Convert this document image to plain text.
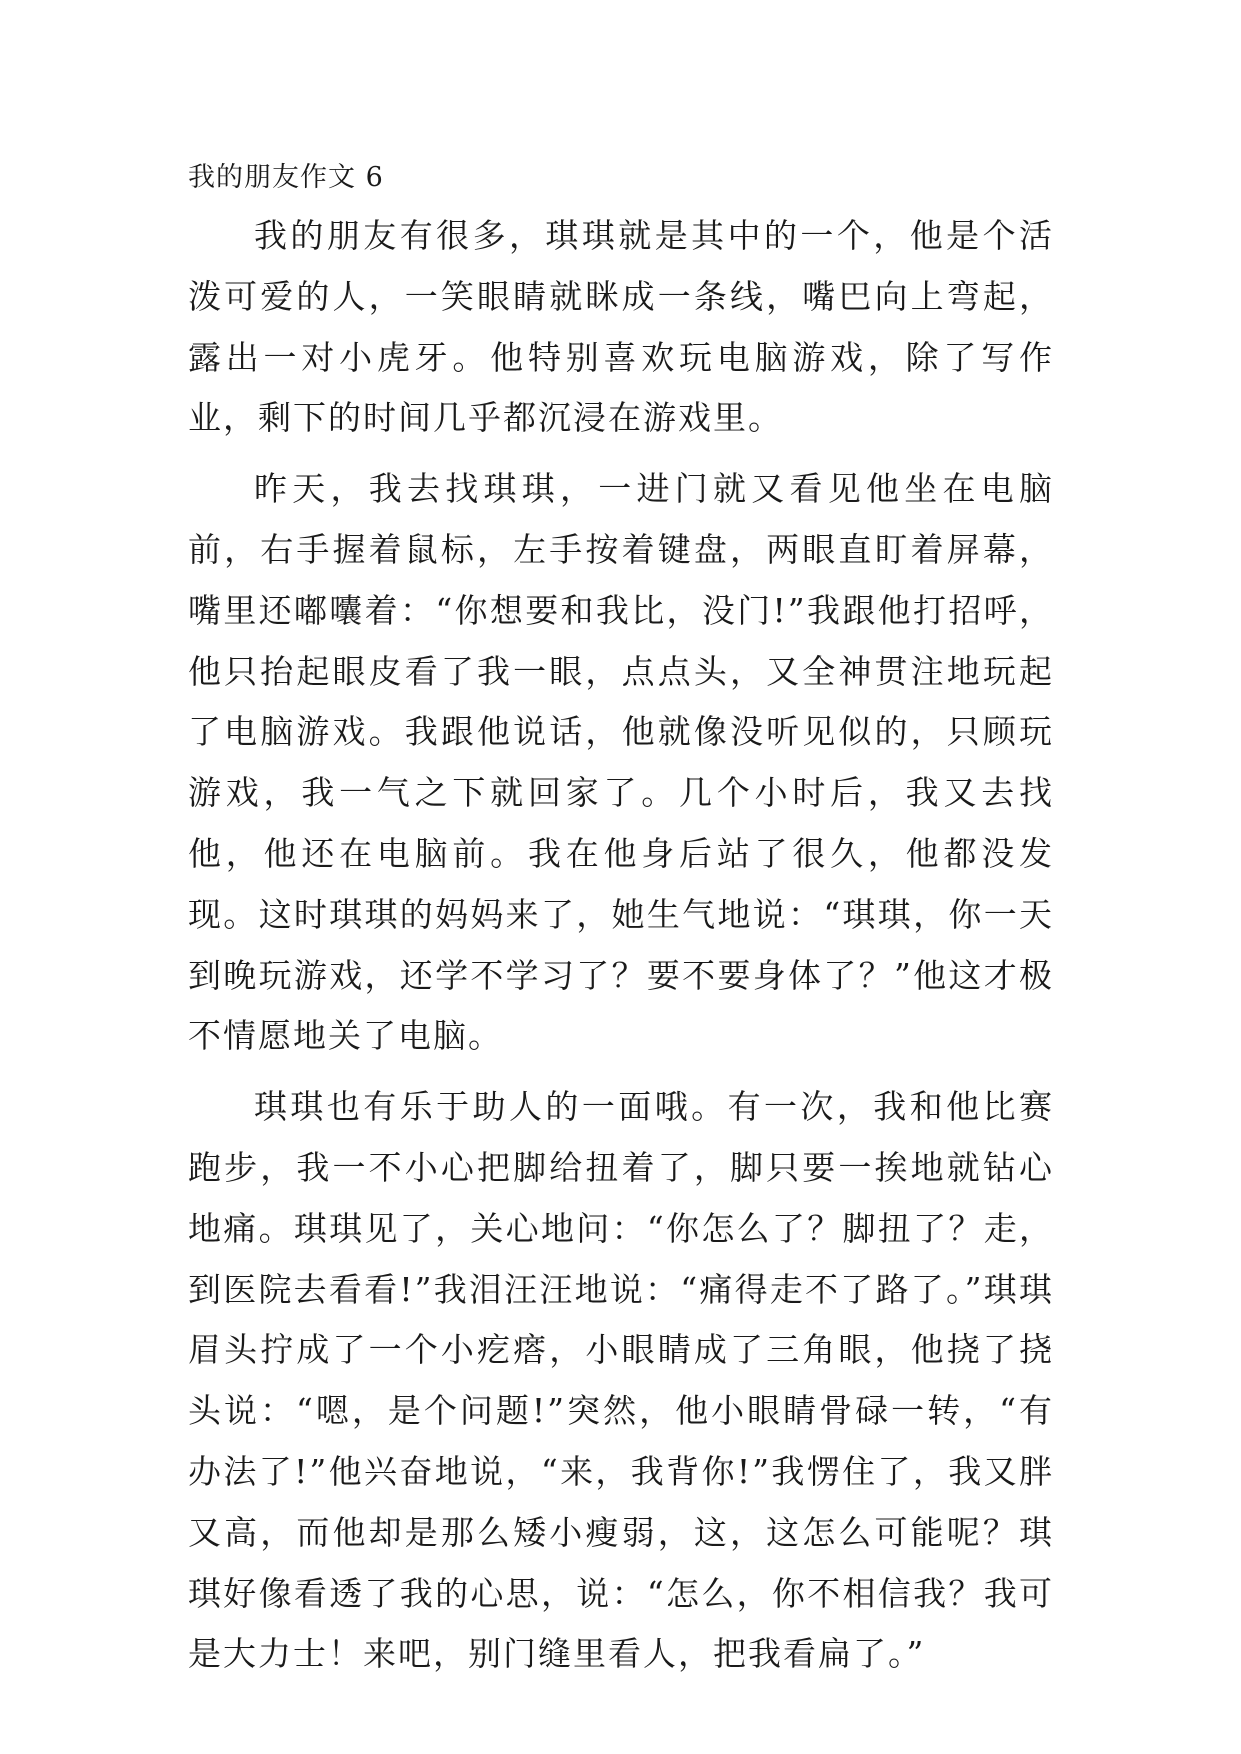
我的朋友作文 6

我的朋友有很多，琪琪就是其中的一个，他是个活泼可爱的人，一笑眼睛就眯成一条线，嘴巴向上弯起，露出一对小虎牙。他特别喜欢玩电脑游戏，除了写作业，剩下的时间几乎都沉浸在游戏里。

昨天，我去找琪琪，一进门就又看见他坐在电脑前，右手握着鼠标，左手按着键盘，两眼直盯着屏幕，嘴里还嘟囔着：“你想要和我比，没门!”我跟他打招呼，他只抬起眼皮看了我一眼，点点头，又全神贯注地玩起了电脑游戏。我跟他说话，他就像没听见似的，只顾玩游戏，我一气之下就回家了。几个小时后，我又去找他，他还在电脑前。我在他身后站了很久，他都没发现。这时琪琪的妈妈来了，她生气地说：“琪琪，你一天到晚玩游戏，还学不学习了？要不要身体了？”他这才极不情愿地关了电脑。

琪琪也有乐于助人的一面哦。有一次，我和他比赛跑步，我一不小心把脚给扭着了，脚只要一挨地就钻心地痛。琪琪见了，关心地问：“你怎么了？脚扭了？走，到医院去看看!”我泪汪汪地说：“痛得走不了路了。”琪琪眉头拧成了一个小疙瘩，小眼睛成了三角眼，他挠了挠头说：“嗯，是个问题!”突然，他小眼睛骨碌一转，“有办法了!”他兴奋地说，“来，我背你!”我愣住了，我又胖又高，而他却是那么矮小瘦弱，这，这怎么可能呢？琪琪好像看透了我的心思，说：“怎么，你不相信我？我可是大力士！来吧，别门缝里看人，把我看扁了。”
